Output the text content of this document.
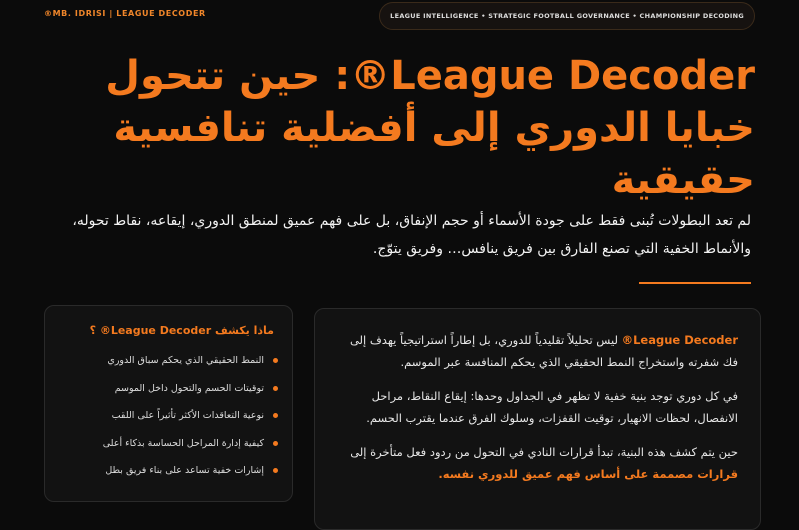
®MB. IDRISI | LEAGUE DECODER	LEAGUE INTELLIGENCE • STRATEGIC FOOTBALL GOVERNANCE • CHAMPIONSHIP DECODING
League Decoder®: حين تتحول خبايا الدوري إلى أفضلية تنافسية حقيقية

لم تعد البطولات تُبنى فقط على جودة الأسماء أو حجم الإنفاق، بل على فهم عميق لمنطق الدوري، إيقاعه، نقاط تحوله، والأنماط الخفية التي تصنع الفارق بين فريق ينافس… وفريق يتوّج.

League Decoder® ليس تحليلاً تقليدياً للدوري، بل إطاراً استراتيجياً يهدف إلى فك شفرته واستخراج النمط الحقيقي الذي يحكم المنافسة عبر الموسم.

في كل دوري توجد بنية خفية لا تظهر في الجداول وحدها: إيقاع النقاط، مراحل الانفصال، لحظات الانهيار، توقيت القفزات، وسلوك الفرق عندما يقترب الحسم.

حين يتم كشف هذه البنية، تبدأ قرارات النادي في التحول من ردود فعل متأخرة إلى قرارات مصممة على أساس فهم عميق للدوري نفسه.

ماذا يكشف League Decoder® ؟
النمط الحقيقي الذي يحكم سباق الدوري
توقيتات الحسم والتحول داخل الموسم
نوعية التعاقدات الأكثر تأثيراً على اللقب
كيفية إدارة المراحل الحساسة بذكاء أعلى
إشارات خفية تساعد على بناء فريق بطل
